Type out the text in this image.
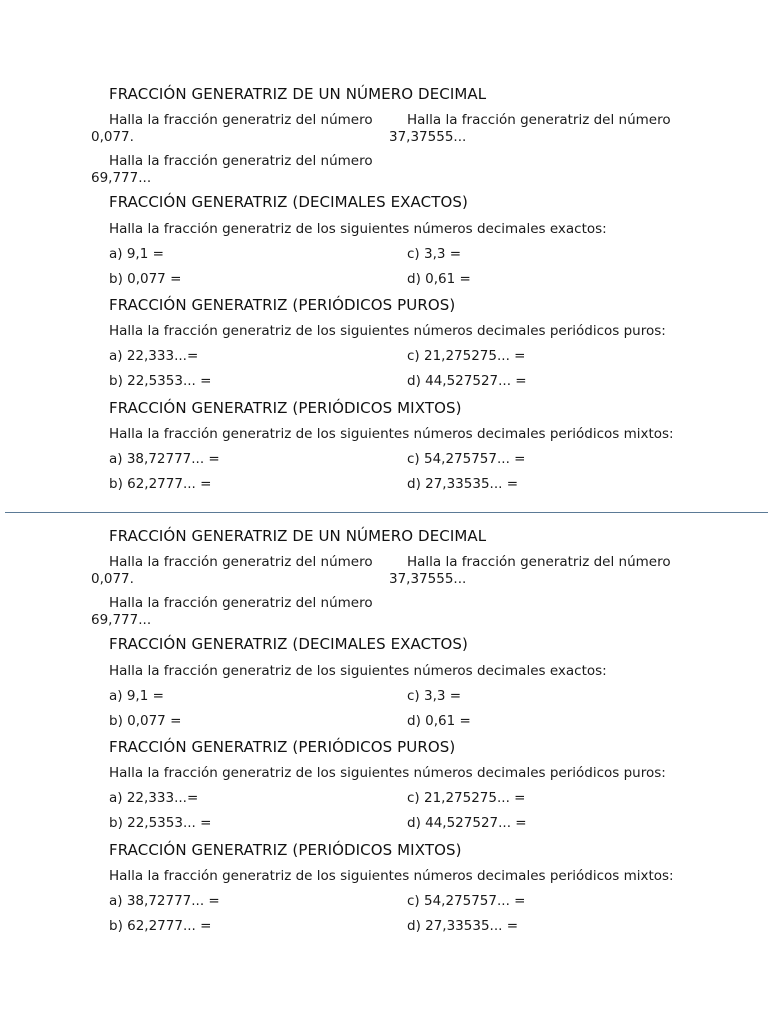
FRACCIÓN GENERATRIZ DE UN NÚMERO DECIMAL
Halla la fracción generatriz del número
0,077.
Halla la fracción generatriz del número
37,37555...
Halla la fracción generatriz del número
69,777...
FRACCIÓN GENERATRIZ (DECIMALES EXACTOS)
Halla la fracción generatriz de los siguientes números decimales exactos:
a) 9,1 =	c) 3,3 =
b) 0,077 =	d) 0,61 =
FRACCIÓN GENERATRIZ (PERIÓDICOS PUROS)
Halla la fracción generatriz de los siguientes números decimales periódicos puros:
a) 22,333...=	c) 21,275275... =
b) 22,5353... =	d) 44,527527... =
FRACCIÓN GENERATRIZ (PERIÓDICOS MIXTOS)
Halla la fracción generatriz de los siguientes números decimales periódicos mixtos:
a) 38,72777... =	c) 54,275757... =
b) 62,2777... =	d) 27,33535... =
FRACCIÓN GENERATRIZ DE UN NÚMERO DECIMAL
Halla la fracción generatriz del número
0,077.
Halla la fracción generatriz del número
37,37555...
Halla la fracción generatriz del número
69,777...
FRACCIÓN GENERATRIZ (DECIMALES EXACTOS)
Halla la fracción generatriz de los siguientes números decimales exactos:
a) 9,1 =	c) 3,3 =
b) 0,077 =	d) 0,61 =
FRACCIÓN GENERATRIZ (PERIÓDICOS PUROS)
Halla la fracción generatriz de los siguientes números decimales periódicos puros:
a) 22,333...=	c) 21,275275... =
b) 22,5353... =	d) 44,527527... =
FRACCIÓN GENERATRIZ (PERIÓDICOS MIXTOS)
Halla la fracción generatriz de los siguientes números decimales periódicos mixtos:
a) 38,72777... =	c) 54,275757... =
b) 62,2777... =	d) 27,33535... =
